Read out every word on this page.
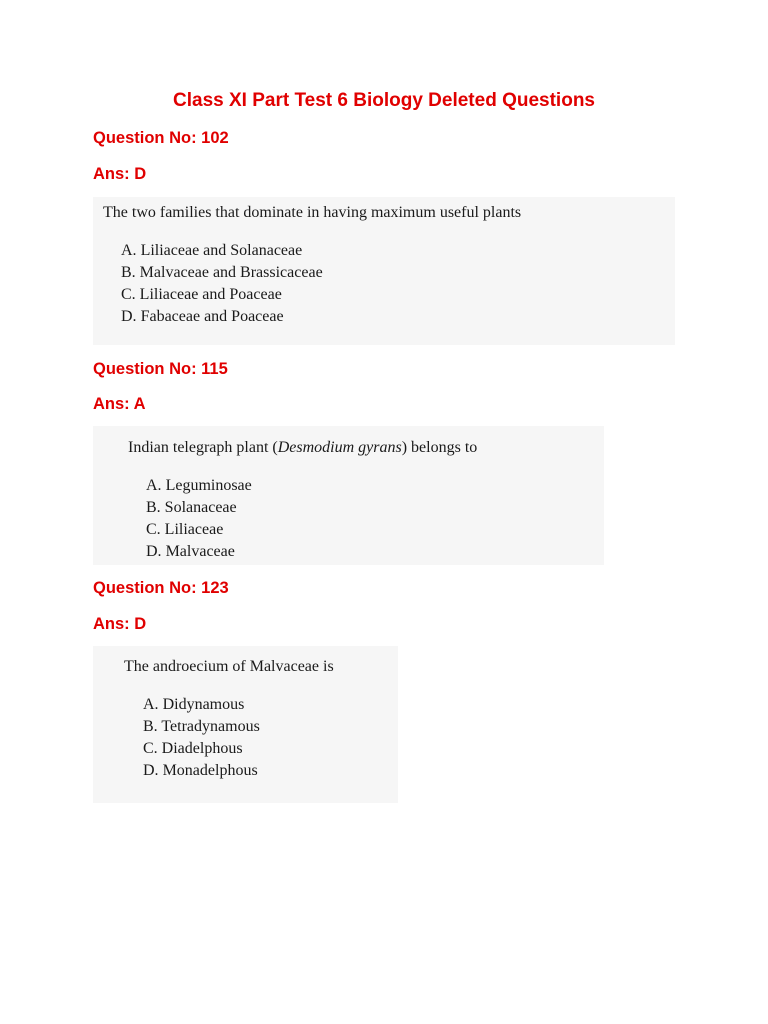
Class XI Part Test 6 Biology Deleted Questions
Question No: 102
Ans: D

The two families that dominate in having maximum useful plants

A. Liliaceae and Solanaceae
B. Malvaceae and Brassicaceae
C. Liliaceae and Poaceae
D. Fabaceae and Poaceae
Question No: 115
Ans: A

Indian telegraph plant (Desmodium gyrans) belongs to

A. Leguminosae
B. Solanaceae
C. Liliaceae
D. Malvaceae
Question No: 123
Ans: D

The androecium of Malvaceae is

A. Didynamous
B. Tetradynamous
C. Diadelphous
D. Monadelphous
